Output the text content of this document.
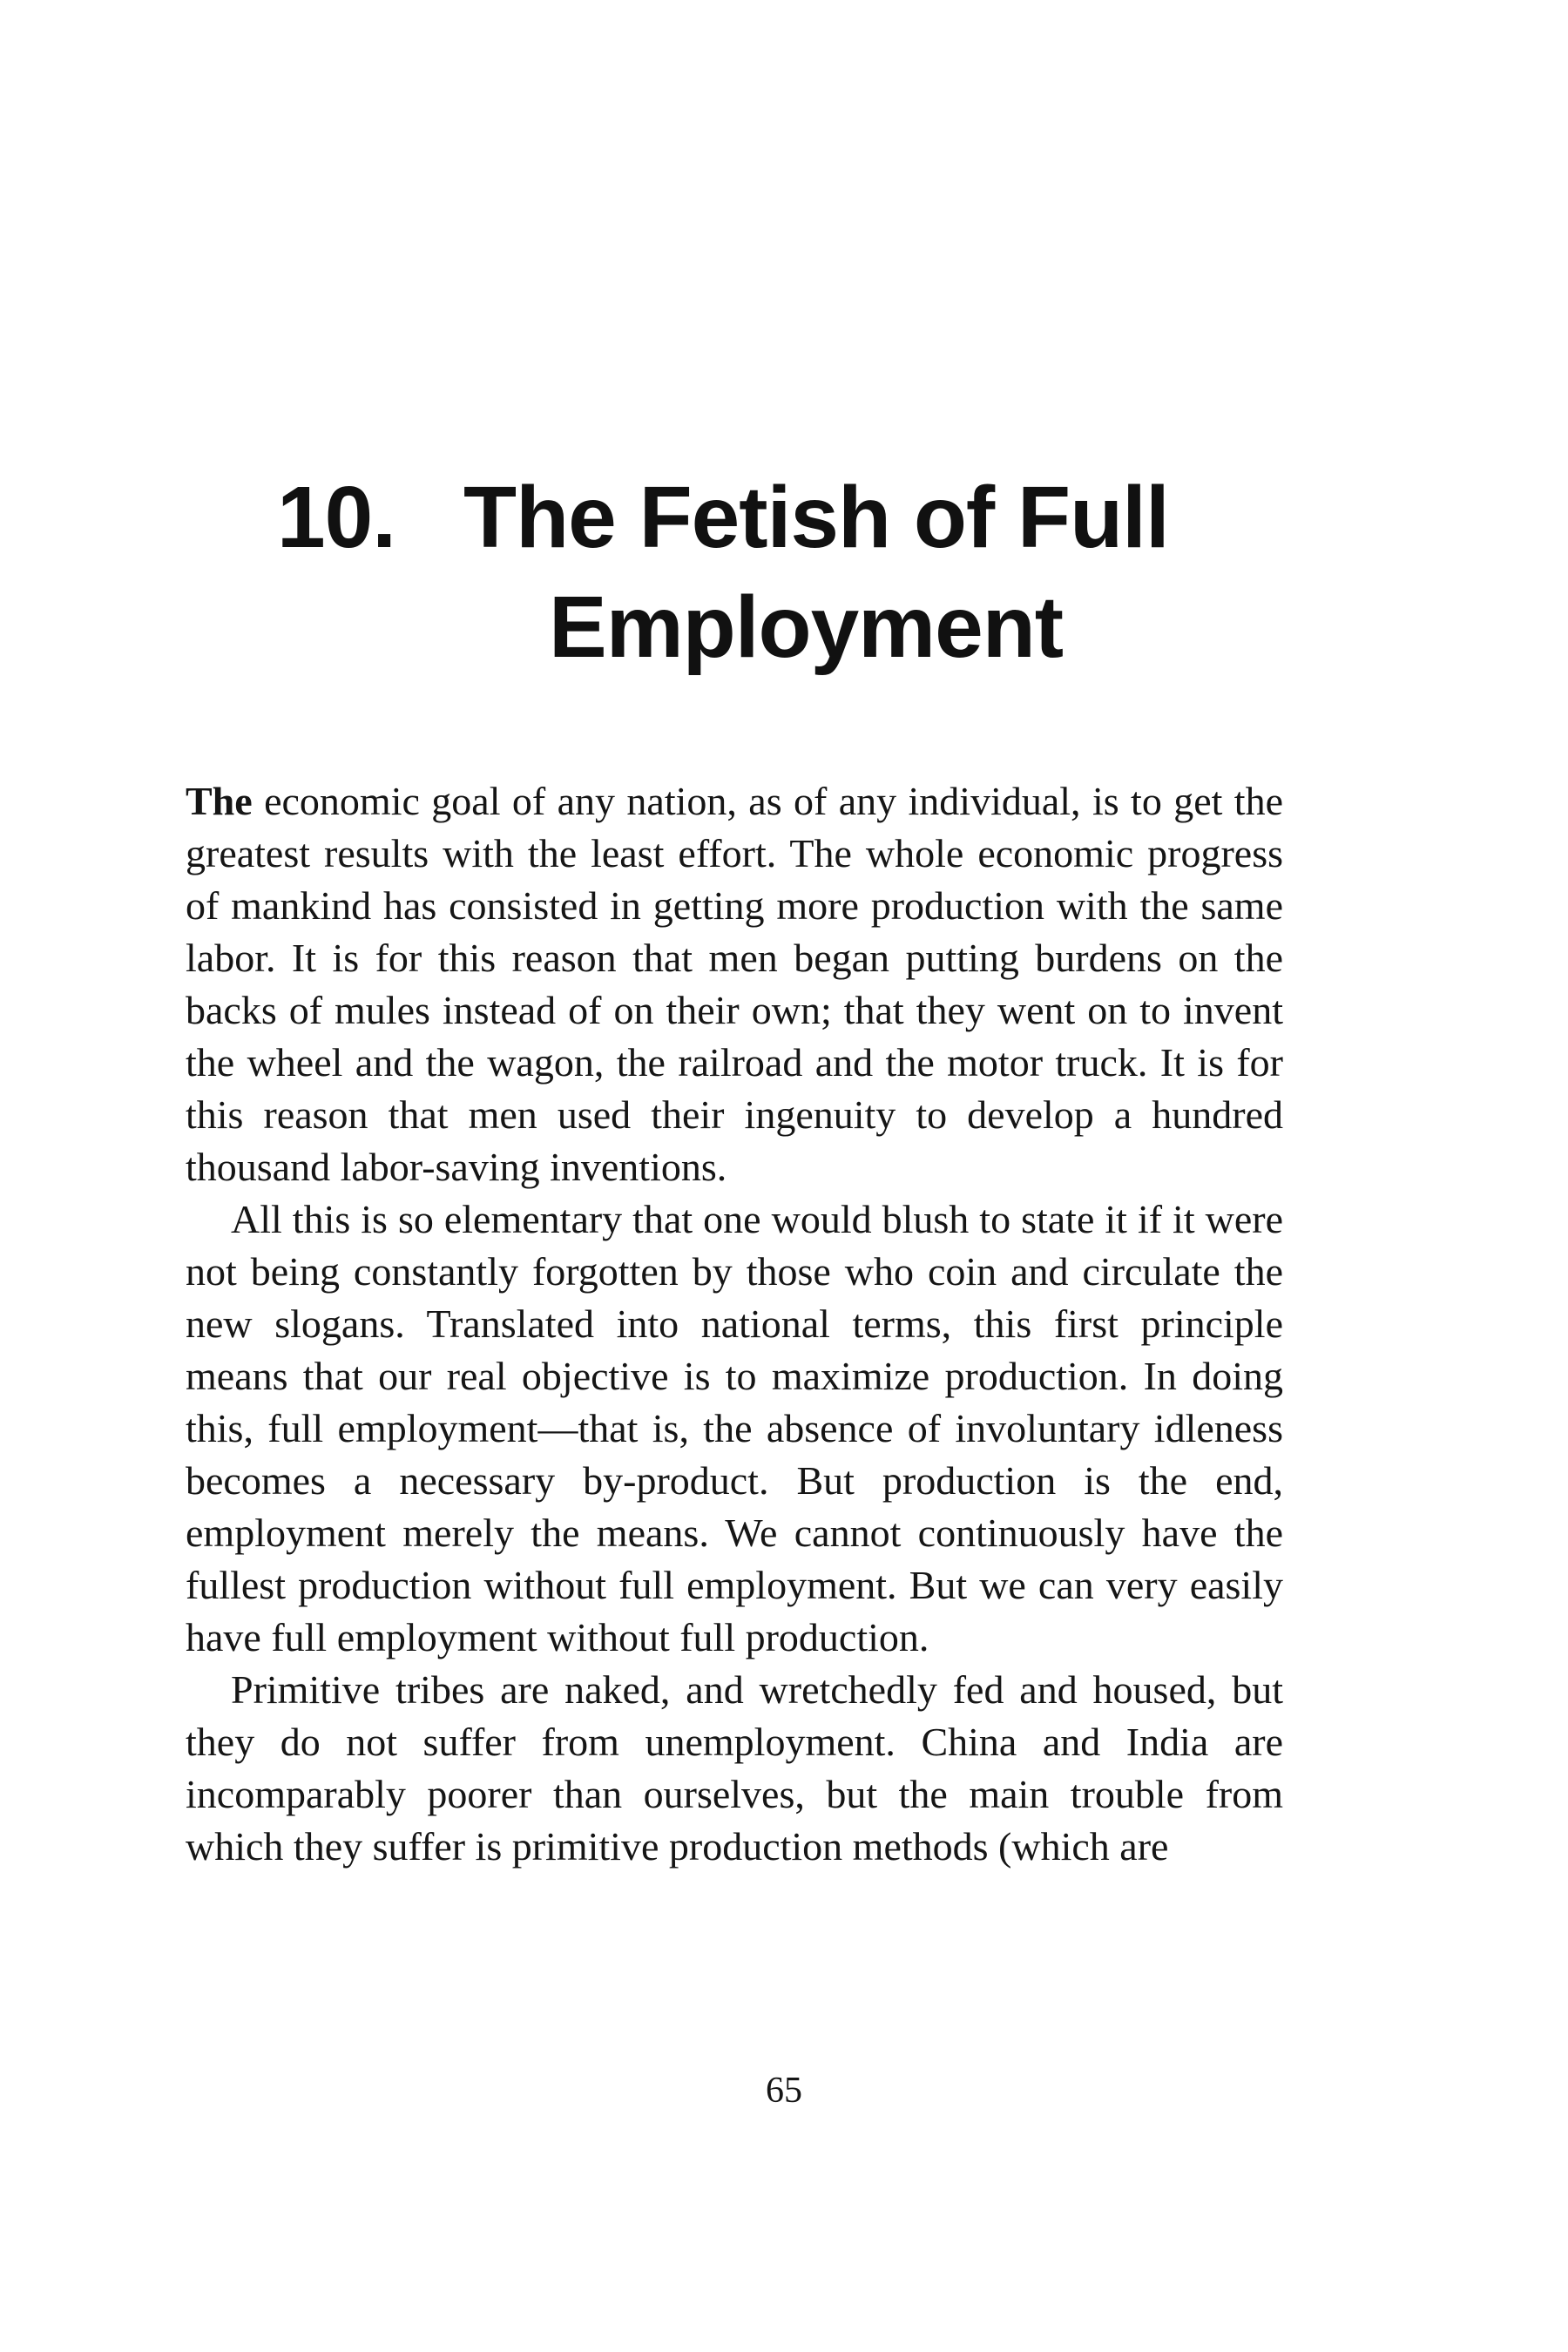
10. The Fetish of Full
Employment

The economic goal of any nation, as of any individual, is to get the greatest results with the least effort. The whole economic progress of mankind has consisted in getting more production with the same labor. It is for this reason that men began putting burdens on the backs of mules instead of on their own; that they went on to invent the wheel and the wagon, the railroad and the motor truck. It is for this reason that men used their ingenuity to develop a hundred thousand labor-saving inventions.

All this is so elementary that one would blush to state it if it were not being constantly forgotten by those who coin and circulate the new slogans. Translated into national terms, this first principle means that our real objective is to maximize production. In doing this, full employment—that is, the absence of involuntary idleness becomes a necessary by-product. But production is the end, employment merely the means. We cannot continuously have the fullest production without full employment. But we can very easily have full employment without full production.

Primitive tribes are naked, and wretchedly fed and housed, but they do not suffer from unemployment. China and India are incomparably poorer than ourselves, but the main trouble from which they suffer is primitive production methods (which are

65
